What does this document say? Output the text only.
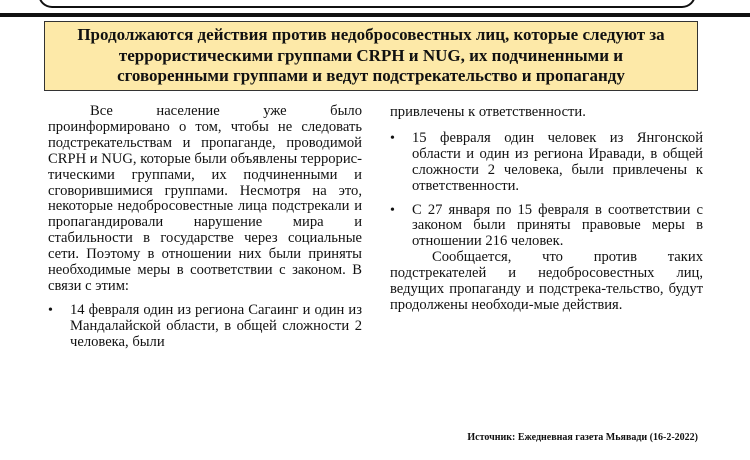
Продолжаются действия против недобросовестных лиц, которые следуют за террористическими группами CRPH и NUG, их подчиненными и сговоренными группами и ведут подстрекательство и пропаганду

Все население уже было проинформировано о том, чтобы не следовать подстрекательствам и пропаганде, проводимой CRPH и NUG, которые были объявлены террорис-тическими группами, их подчиненными и сговорившимися группами. Несмотря на это, некоторые недобросовестные лица подстрекали и пропагандировали нарушение мира и стабильности в государстве через социальные сети. Поэтому в отношении них были приняты необходимые меры в соответствии с законом. В связи с этим:

• 14 февраля один из региона Сагаинг и один из Мандалайской области, в общей сложности 2 человека, были

привлечены к ответственности.

• 15 февраля один человек из Янгонской области и один из региона Иравади, в общей сложности 2 человека, были привлечены к ответственности.
• С 27 января по 15 февраля в соответствии с законом были приняты правовые меры в отношении 216 человек.

Сообщается, что против таких подстрекателей и недобросовестных лиц, ведущих пропаганду и подстрека-тельство, будут продолжены необходи-мые действия.

Источник: Ежедневная газета Мьявади (16-2-2022)
